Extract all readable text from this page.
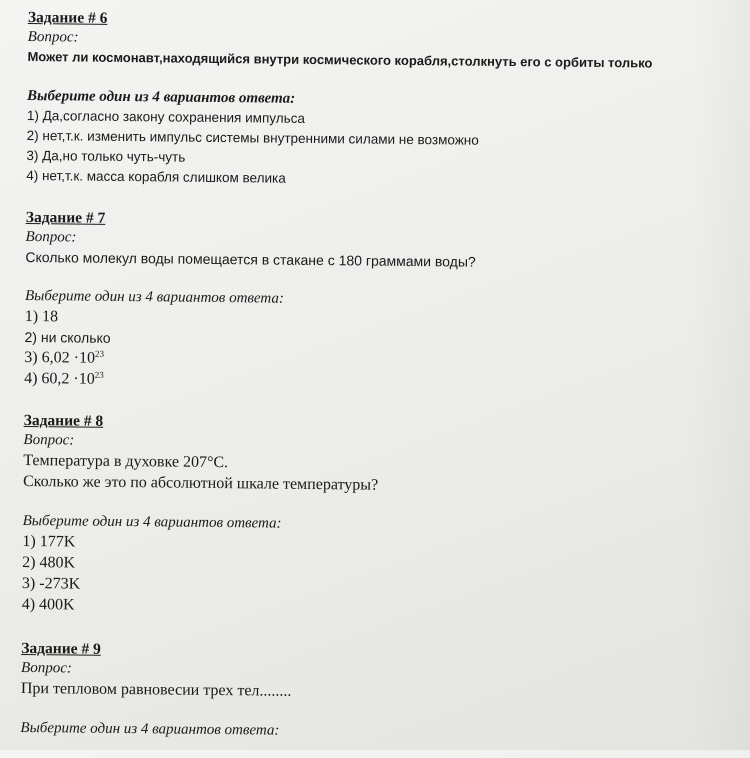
Задание # 6
Вопрос:
Может ли космонавт,находящийся внутри космического корабля,столкнуть его с орбиты только
Выберите один из 4 вариантов ответа:
1) Да,согласно закону сохранения импульса
2) нет,т.к. изменить импульс системы внутренними силами не возможно
3) Да,но только чуть-чуть
4) нет,т.к. масса корабля слишком велика
Задание # 7
Вопрос:
Сколько молекул воды помещается в стакане с 180 граммами воды?
Выберите один из 4 вариантов ответа:
1) 18
2) ни сколько
3) $6,02 \cdot 10^{23}$
4) $60,2 \cdot 10^{23}$
Задание # 8
Вопрос:
Температура в духовке 207°C.
Сколько же это по абсолютной шкале температуры?
Выберите один из 4 вариантов ответа:
1) 177K
2) 480K
3) -273K
4) 400K
Задание # 9
Вопрос:
При тепловом равновесии трех тел........
Выберите один из 4 вариантов ответа:
